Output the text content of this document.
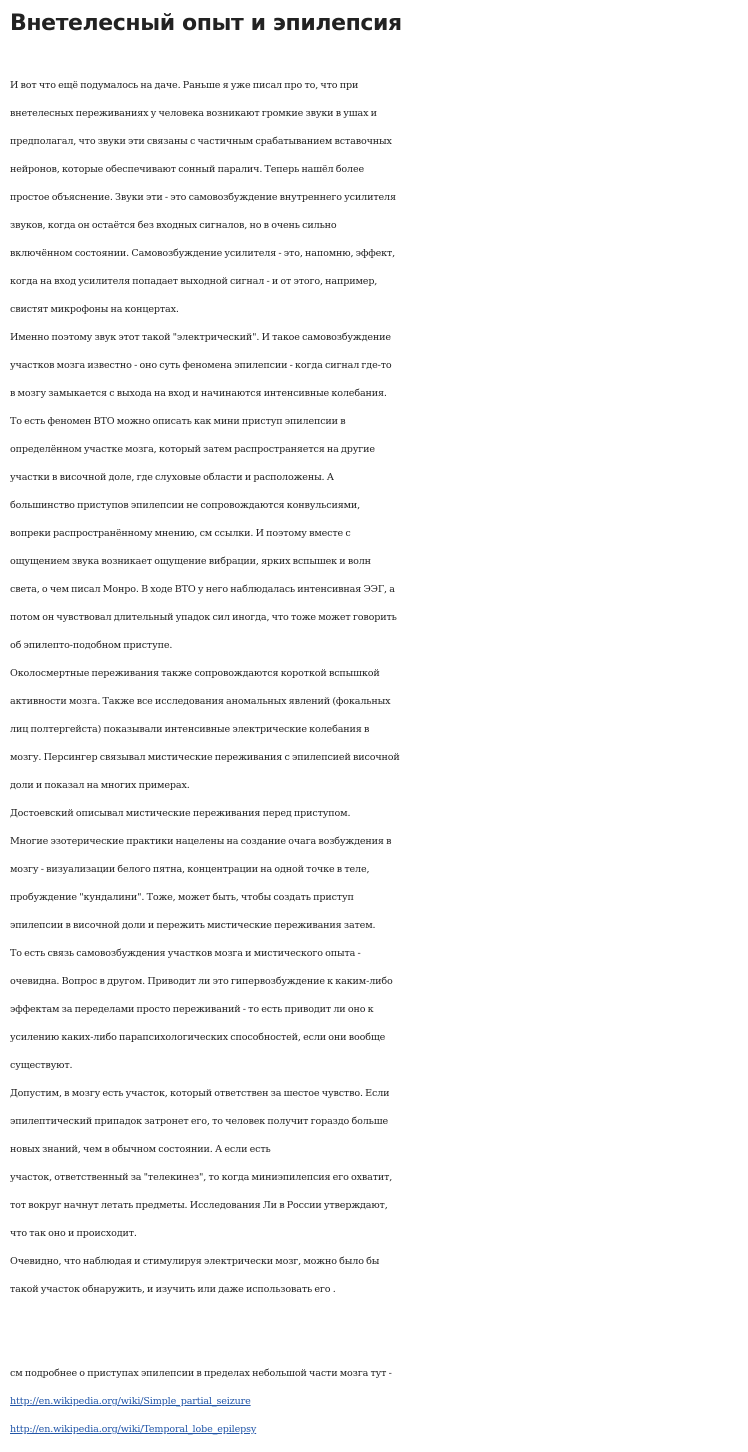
Внетелесный опыт и эпилепсия
И вот что ещё подумалось на даче. Раньше я уже писал про то, что при
внетелесных переживаниях у человека возникают громкие звуки в ушах и
предполагал, что звуки эти связаны с частичным срабатыванием вставочных
нейронов, которые обеспечивают сонный паралич. Теперь нашёл более
простое объяснение. Звуки эти - это самовозбуждение внутреннего усилителя
звуков, когда он остаётся без входных сигналов, но в очень сильно
включённом состоянии. Самовозбуждение усилителя - это, напомню, эффект,
когда на вход усилителя попадает выходной сигнал - и от этого, например,
свистят микрофоны на концертах.
Именно поэтому звук этот такой "электрический". И такое самовозбуждение
участков мозга известно - оно суть феномена эпилепсии - когда сигнал где-то
в мозгу замыкается с выхода на вход и начинаются интенсивные колебания.
То есть феномен ВТО можно описать как мини приступ эпилепсии в
определённом участке мозга, который затем распространяется на другие
участки в височной доле, где слуховые области и расположены. А
большинство приступов эпилепсии не сопровождаются конвульсиями,
вопреки распространённому мнению, см ссылки. И поэтому вместе с
ощущением звука возникает ощущение вибрации, ярких вспышек и волн
света, о чем писал Монро. В ходе ВТО у него наблюдалась интенсивная ЭЭГ, а
потом он чувствовал длительный упадок сил иногда, что тоже может говорить
об эпилепто-подобном приступе.
Околосмертные переживания также сопровождаются короткой вспышкой
активности мозга. Также все исследования аномальных явлений (фокальных
лиц полтергейста) показывали интенсивные электрические колебания в
мозгу. Персингер связывал мистические переживания с эпилепсией височной
доли и показал на многих примерах.
Достоевский описывал мистические переживания перед приступом.
Многие эзотерические практики нацелены на создание очага возбуждения в
мозгу - визуализации белого пятна, концентрации на одной точке в теле,
пробуждение "кундалини". Тоже, может быть, чтобы создать приступ
эпилепсии в височной доли и пережить мистические переживания затем.
То есть связь самовозбуждения участков мозга и мистического опыта -
очевидна. Вопрос в другом. Приводит ли это гипервозбуждение к каким-либо
эффектам за переделами просто переживаний - то есть приводит ли оно к
усилению каких-либо парапсихологических способностей, если они вообще
существуют.
Допустим, в мозгу есть участок, который ответствен за шестое чувство. Если
эпилептический припадок затронет его, то человек получит гораздо больше
новых знаний, чем в обычном состоянии. А если есть
участок, ответственный за "телекинез", то когда миниэпилепсия его охватит,
тот вокруг начнут летать предметы. Исследования Ли в России утверждают,
что так оно и происходит.
Очевидно, что наблюдая и стимулируя электрически мозг, можно было бы
такой участок обнаружить, и изучить или даже использовать его .
см подробнее о приступах эпилепсии в пределах небольшой части мозга тут -
http://en.wikipedia.org/wiki/Simple_partial_seizure
http://en.wikipedia.org/wiki/Temporal_lobe_epilepsy
